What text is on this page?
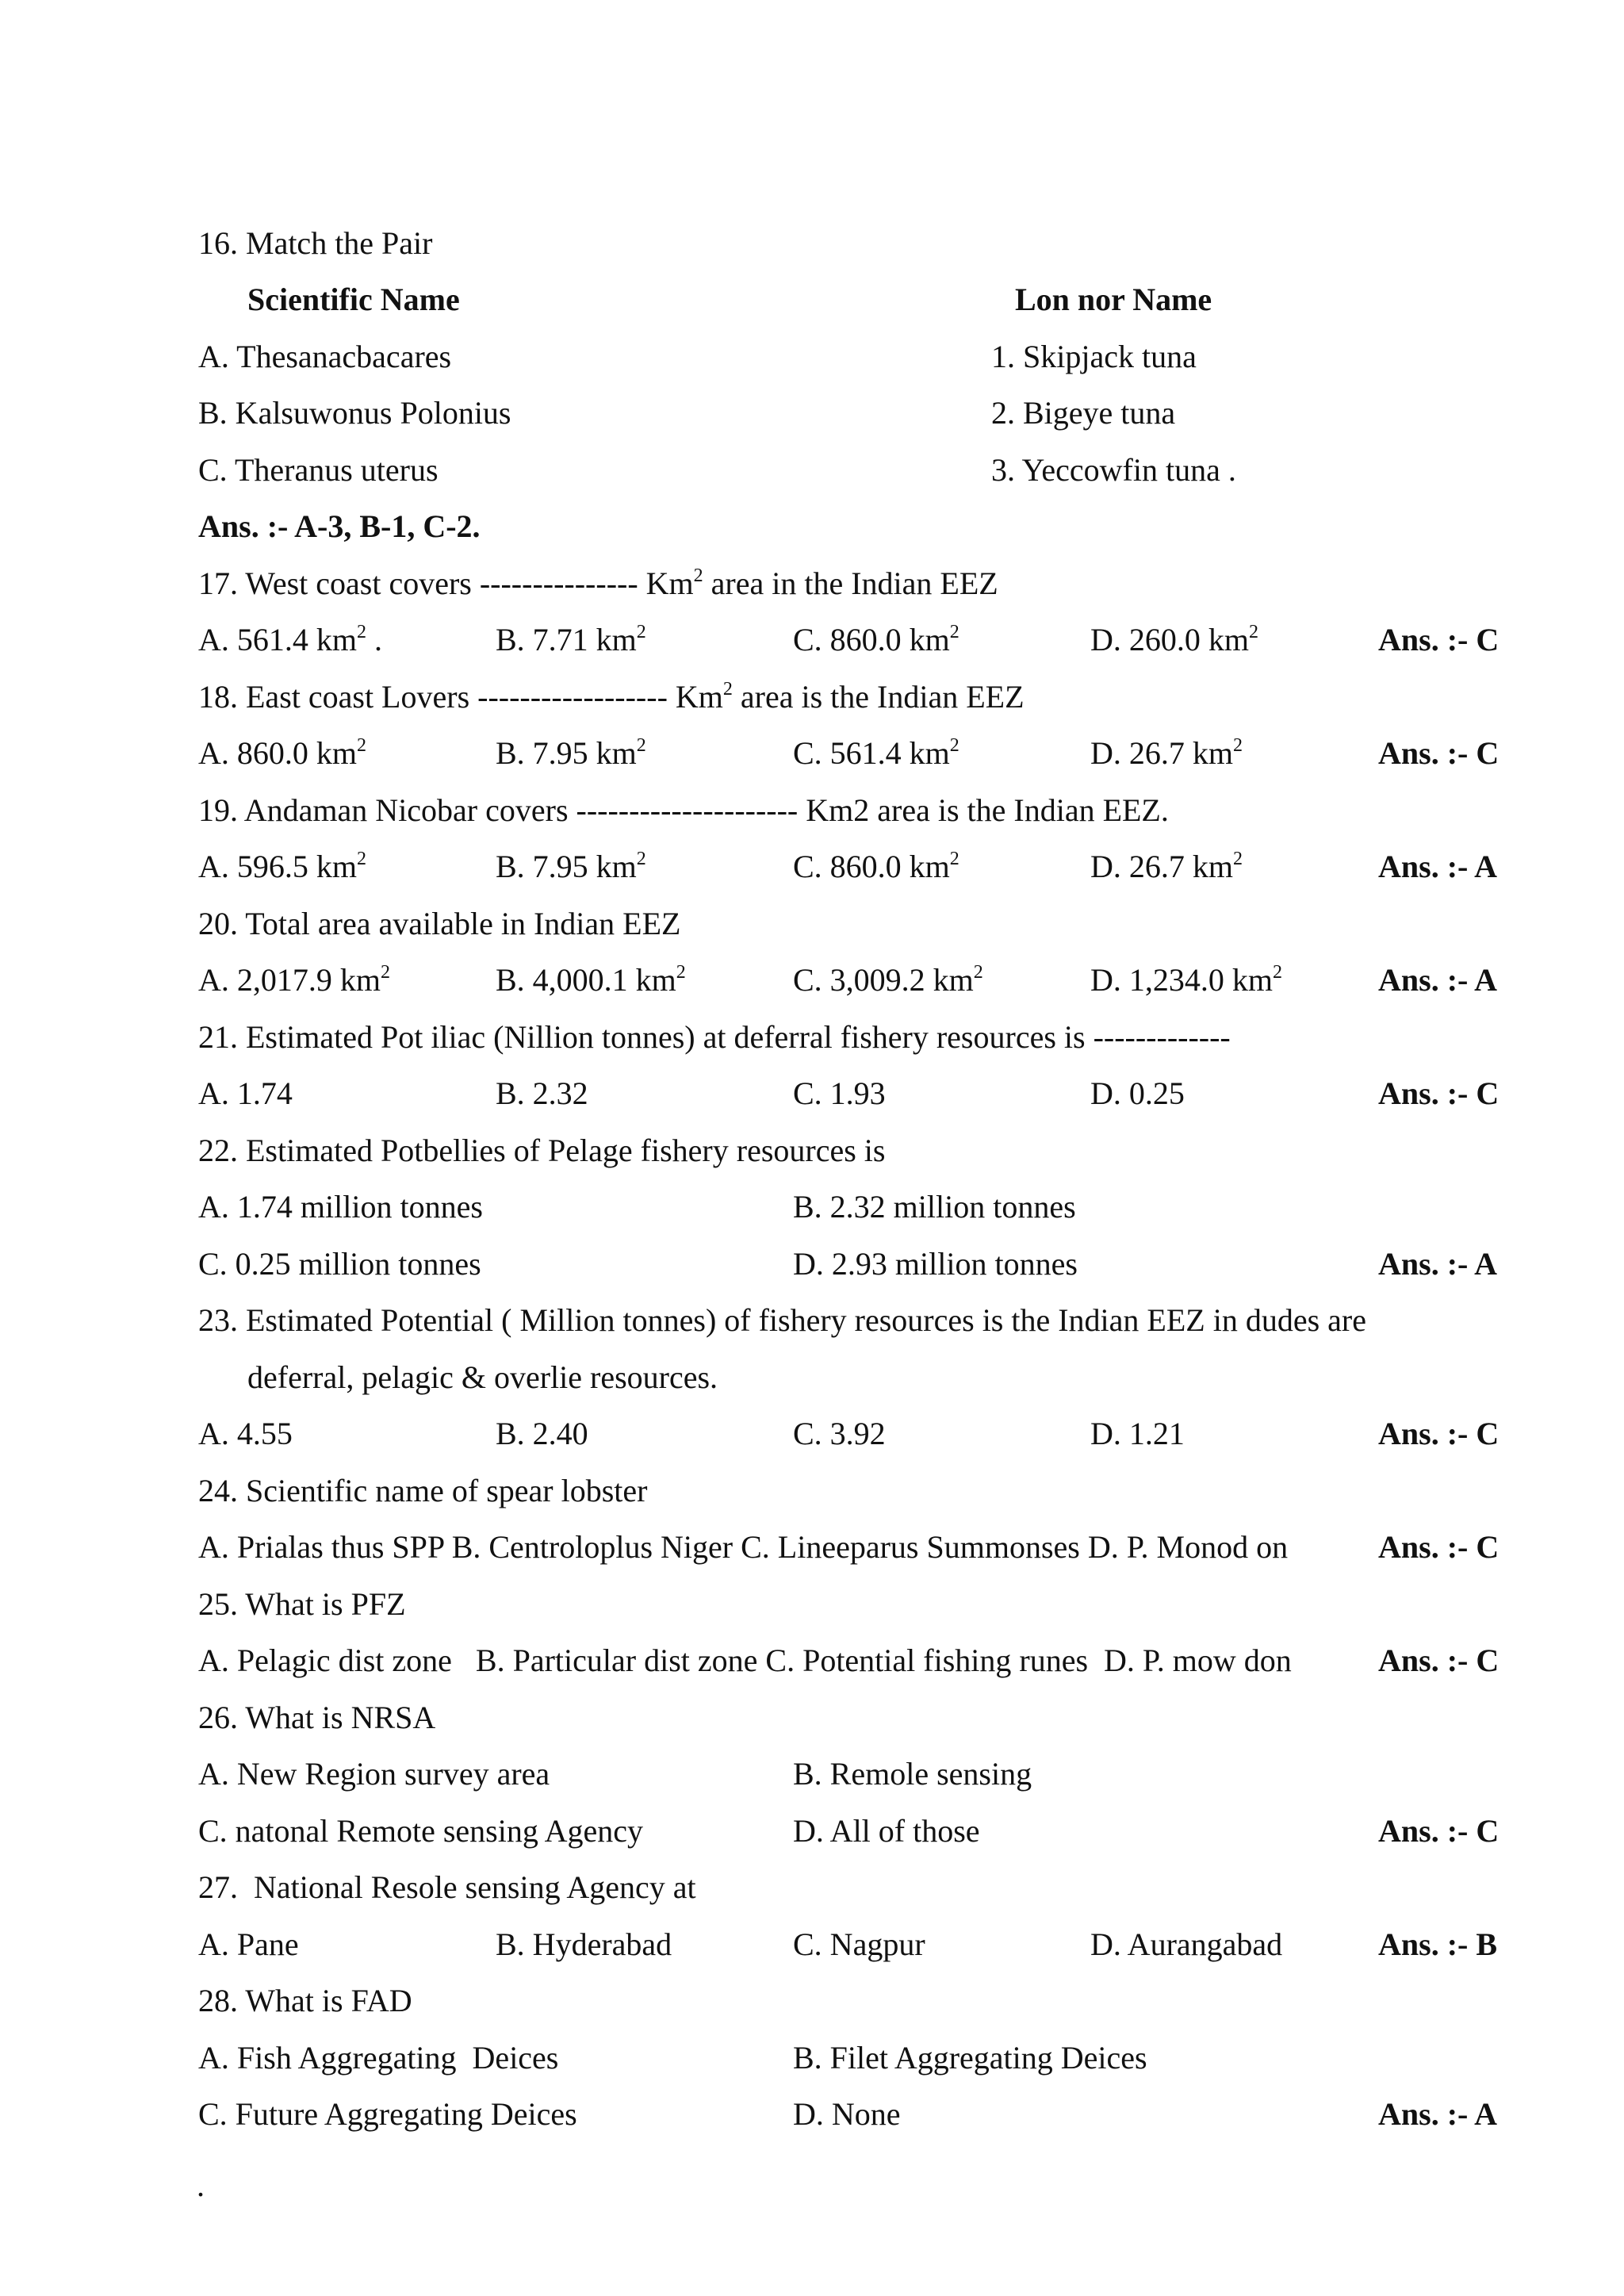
16. Match the Pair
Scientific Name	Lon nor Name
A. Thesanacbacares	1. Skipjack tuna
B. Kalsuwonus Polonius	2. Bigeye tuna
C. Theranus uterus	3. Yeccowfin tuna .
Ans. :- A-3, B-1, C-2.
17. West coast covers --------------- Km$^2$ area in the Indian EEZ
A. 561.4 $km^2$ .	B. 7.71 $km^2$	C. 860.0 $km^2$	D. 260.0 $km^2$	Ans. :- C
18. East coast Lovers ------------------ Km$^2$ area is the Indian EEZ
A. 860.0 $km^2$	B. 7.95 $km^2$	C. 561.4 $km^2$	D. 26.7 $km^2$	Ans. :- C
19. Andaman Nicobar covers --------------------- Km2 area is the Indian EEZ.
A. 596.5 $km^2$	B. 7.95 $km^2$	C. 860.0 $km^2$	D. 26.7 $km^2$	Ans. :- A
20. Total area available in Indian EEZ
A. 2,017.9 $km^2$	B. 4,000.1 $km^2$	C. 3,009.2 $km^2$	D. 1,234.0 $km^2$	Ans. :- A
21. Estimated Pot iliac (Nillion tonnes) at deferral fishery resources is -------------
A. 1.74	B. 2.32	C. 1.93	D. 0.25	Ans. :- C
22. Estimated Potbellies of Pelage fishery resources is
A. 1.74 million tonnes	B. 2.32 million tonnes
C. 0.25 million tonnes	D. 2.93 million tonnes	Ans. :- A
23. Estimated Potential ( Million tonnes) of fishery resources is the Indian EEZ in dudes are
deferral, pelagic & overlie resources.
A. 4.55	B. 2.40	C. 3.92	D. 1.21	Ans. :- C
24. Scientific name of spear lobster
A. Prialas thus SPP B. Centroloplus Niger C. Lineeparus Summonses D. P. Monod on	Ans. :- C
25. What is PFZ
A. Pelagic dist zone   B. Particular dist zone C. Potential fishing runes  D. P. mow don	Ans. :- C
26. What is NRSA
A. New Region survey area	B. Remole sensing
C. natonal Remote sensing Agency	D. All of those	Ans. :- C
27.  National Resole sensing Agency at
A. Pane	B. Hyderabad	C. Nagpur	D. Aurangabad	Ans. :- B
28. What is FAD
A. Fish Aggregating  Deices	B. Filet Aggregating Deices
C. Future Aggregating Deices	D. None	Ans. :- A
.
